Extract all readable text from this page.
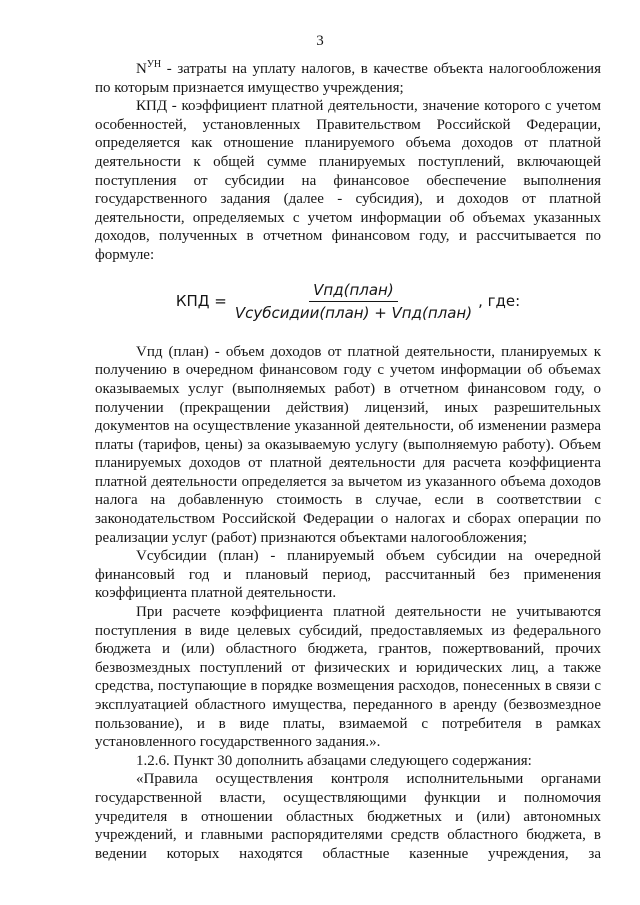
3

$N^{УН}$ - затраты на уплату налогов, в качестве объекта налогообложения по которым признается имущество учреждения;

КПД - коэффициент платной деятельности, значение которого с учетом особенностей, установленных Правительством Российской Федерации, определяется как отношение планируемого объема доходов от платной деятельности к общей сумме планируемых поступлений, включающей поступления от субсидии на финансовое обеспечение выполнения государственного задания (далее - субсидия), и доходов от платной деятельности, определяемых с учетом информации об объемах указанных доходов, полученных в отчетном финансовом году, и рассчитывается по формуле:

КПД = $\frac{\text{Vпд(план)}}{\text{Vсубсидии(план) + Vпд(план)}}$ , где:

Vпд (план) - объем доходов от платной деятельности, планируемых к получению в очередном финансовом году с учетом информации об объемах оказываемых услуг (выполняемых работ) в отчетном финансовом году, о получении (прекращении действия) лицензий, иных разрешительных документов на осуществление указанной деятельности, об изменении размера платы (тарифов, цены) за оказываемую услугу (выполняемую работу). Объем планируемых доходов от платной деятельности для расчета коэффициента платной деятельности определяется за вычетом из указанного объема доходов налога на добавленную стоимость в случае, если в соответствии с законодательством Российской Федерации о налогах и сборах операции по реализации услуг (работ) признаются объектами налогообложения;

Vсубсидии (план) - планируемый объем субсидии на очередной финансовый год и плановый период, рассчитанный без применения коэффициента платной деятельности.

При расчете коэффициента платной деятельности не учитываются поступления в виде целевых субсидий, предоставляемых из федерального бюджета и (или) областного бюджета, грантов, пожертвований, прочих безвозмездных поступлений от физических и юридических лиц, а также средства, поступающие в порядке возмещения расходов, понесенных в связи с эксплуатацией областного имущества, переданного в аренду (безвозмездное пользование), и в виде платы, взимаемой с потребителя в рамках установленного государственного задания.».

1.2.6. Пункт 30 дополнить абзацами следующего содержания:

«Правила осуществления контроля исполнительными органами государственной власти, осуществляющими функции и полномочия учредителя в отношении областных бюджетных и (или) автономных учреждений, и главными распорядителями средств областного бюджета, в ведении которых находятся областные казенные учреждения, за
